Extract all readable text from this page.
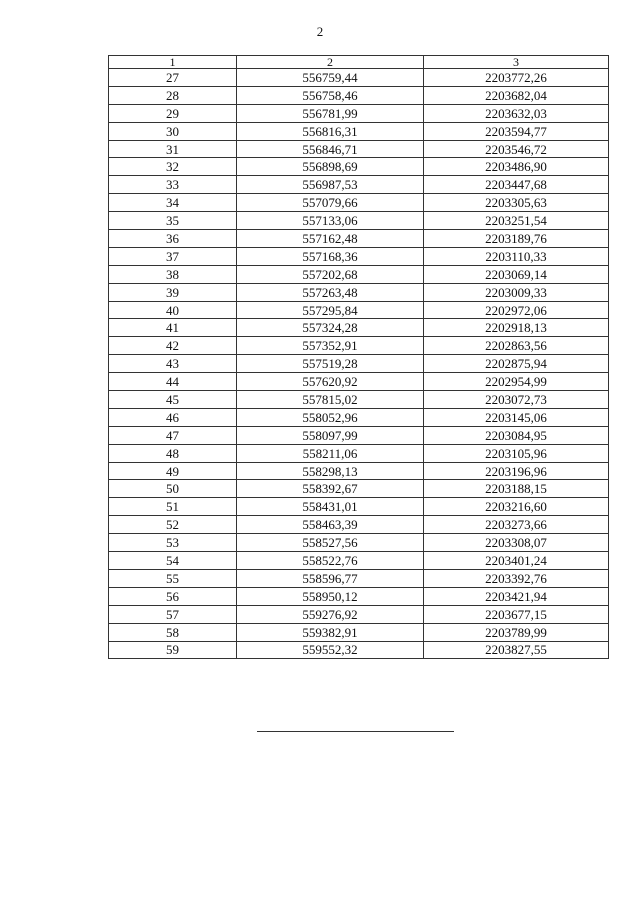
2
1	2	3
27	556759,44	2203772,26
28	556758,46	2203682,04
29	556781,99	2203632,03
30	556816,31	2203594,77
31	556846,71	2203546,72
32	556898,69	2203486,90
33	556987,53	2203447,68
34	557079,66	2203305,63
35	557133,06	2203251,54
36	557162,48	2203189,76
37	557168,36	2203110,33
38	557202,68	2203069,14
39	557263,48	2203009,33
40	557295,84	2202972,06
41	557324,28	2202918,13
42	557352,91	2202863,56
43	557519,28	2202875,94
44	557620,92	2202954,99
45	557815,02	2203072,73
46	558052,96	2203145,06
47	558097,99	2203084,95
48	558211,06	2203105,96
49	558298,13	2203196,96
50	558392,67	2203188,15
51	558431,01	2203216,60
52	558463,39	2203273,66
53	558527,56	2203308,07
54	558522,76	2203401,24
55	558596,77	2203392,76
56	558950,12	2203421,94
57	559276,92	2203677,15
58	559382,91	2203789,99
59	559552,32	2203827,55
